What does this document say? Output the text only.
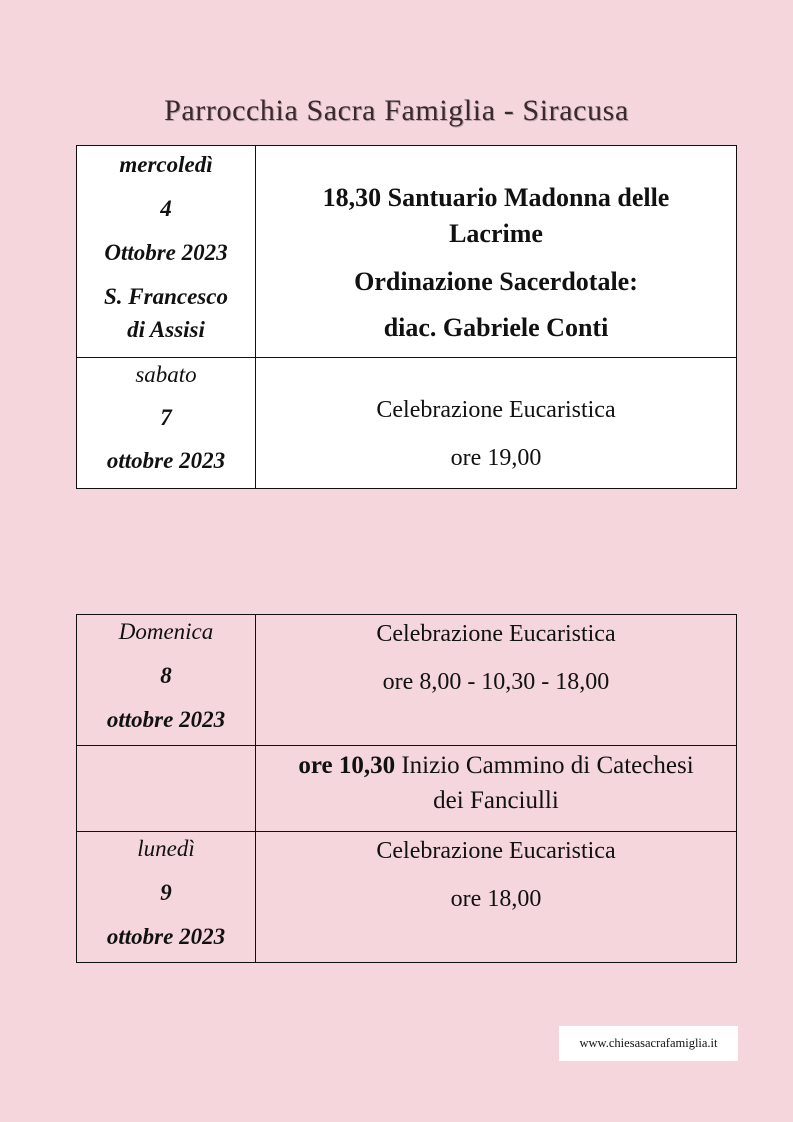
Parrocchia Sacra Famiglia - Siracusa
mercoledì
4
Ottobre 2023
S. Francesco
di Assisi	18,30 Santuario Madonna delle
Lacrime
Ordinazione Sacerdotale:
diac. Gabriele Conti

sabato
7
ottobre 2023	Celebrazione Eucaristica
ore 19,00
Domenica
8
ottobre 2023	Celebrazione Eucaristica
ore 8,00 - 10,30 - 18,00

	ore 10,30 Inizio Cammino di Catechesi
dei Fanciulli

lunedì
9
ottobre 2023	Celebrazione Eucaristica
ore 18,00
www.chiesasacrafamiglia.it
